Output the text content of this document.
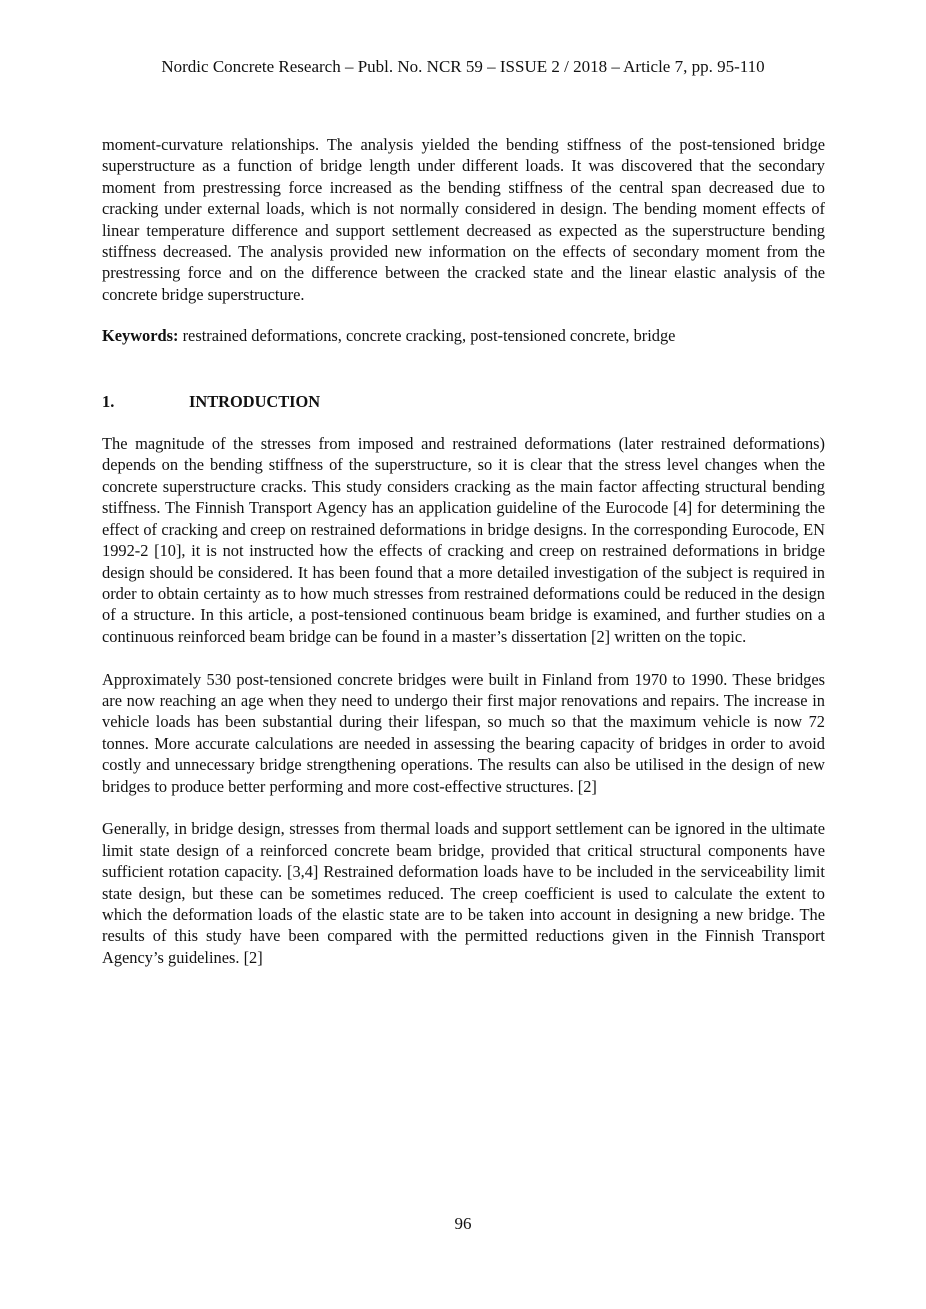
Nordic Concrete Research – Publ. No. NCR 59 – ISSUE 2 / 2018 – Article 7, pp. 95-110

moment-curvature relationships. The analysis yielded the bending stiffness of the post-tensioned bridge superstructure as a function of bridge length under different loads. It was discovered that the secondary moment from prestressing force increased as the bending stiffness of the central span decreased due to cracking under external loads, which is not normally considered in design. The bending moment effects of linear temperature difference and support settlement decreased as expected as the superstructure bending stiffness decreased. The analysis provided new information on the effects of secondary moment from the prestressing force and on the difference between the cracked state and the linear elastic analysis of the concrete bridge superstructure.

Keywords: restrained deformations, concrete cracking, post-tensioned concrete, bridge

1.	INTRODUCTION

The magnitude of the stresses from imposed and restrained deformations (later restrained deformations) depends on the bending stiffness of the superstructure, so it is clear that the stress level changes when the concrete superstructure cracks. This study considers cracking as the main factor affecting structural bending stiffness. The Finnish Transport Agency has an application guideline of the Eurocode [4] for determining the effect of cracking and creep on restrained deformations in bridge designs. In the corresponding Eurocode, EN 1992-2 [10], it is not instructed how the effects of cracking and creep on restrained deformations in bridge design should be considered. It has been found that a more detailed investigation of the subject is required in order to obtain certainty as to how much stresses from restrained deformations could be reduced in the design of a structure. In this article, a post-tensioned continuous beam bridge is examined, and further studies on a continuous reinforced beam bridge can be found in a master’s dissertation [2] written on the topic.

Approximately 530 post-tensioned concrete bridges were built in Finland from 1970 to 1990. These bridges are now reaching an age when they need to undergo their first major renovations and repairs. The increase in vehicle loads has been substantial during their lifespan, so much so that the maximum vehicle is now 72 tonnes. More accurate calculations are needed in assessing the bearing capacity of bridges in order to avoid costly and unnecessary bridge strengthening operations. The results can also be utilised in the design of new bridges to produce better performing and more cost-effective structures. [2]

Generally, in bridge design, stresses from thermal loads and support settlement can be ignored in the ultimate limit state design of a reinforced concrete beam bridge, provided that critical structural components have sufficient rotation capacity. [3,4] Restrained deformation loads have to be included in the serviceability limit state design, but these can be sometimes reduced. The creep coefficient is used to calculate the extent to which the deformation loads of the elastic state are to be taken into account in designing a new bridge. The results of this study have been compared with the permitted reductions given in the Finnish Transport Agency’s guidelines. [2]

96
